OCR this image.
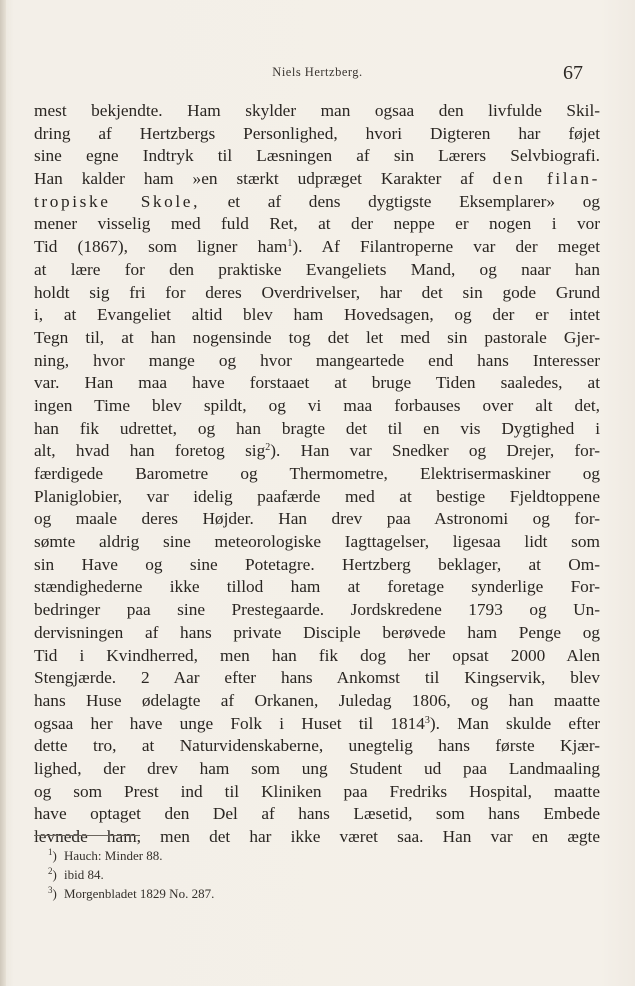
Niels Hertzberg.	67
mest bekjendte. Ham skylder man ogsaa den livfulde Skil-
dring af Hertzbergs Personlighed, hvori Digteren har føjet
sine egne Indtryk til Læsningen af sin Lærers Selvbiografi.
Han kalder ham »en stærkt udpræget Karakter af den filan-
tropiske Skole, et af dens dygtigste Eksemplarer» og
mener visselig med fuld Ret, at der neppe er nogen i vor
Tid (1867), som ligner ham$^1$). Af Filantroperne var der meget
at lære for den praktiske Evangeliets Mand, og naar han
holdt sig fri for deres Overdrivelser, har det sin gode Grund
i, at Evangeliet altid blev ham Hovedsagen, og der er intet
Tegn til, at han nogensinde tog det let med sin pastorale Gjer-
ning, hvor mange og hvor mangeartede end hans Interesser
var. Han maa have forstaaet at bruge Tiden saaledes, at
ingen Time blev spildt, og vi maa forbauses over alt det,
han fik udrettet, og han bragte det til en vis Dygtighed i
alt, hvad han foretog sig$^2$). Han var Snedker og Drejer, for-
færdigede Barometre og Thermometre, Elektrisermaskiner og
Planiglobier, var idelig paafærde med at bestige Fjeldtoppene
og maale deres Højder. Han drev paa Astronomi og for-
sømte aldrig sine meteorologiske Iagttagelser, ligesaa lidt som
sin Have og sine Potetagre. Hertzberg beklager, at Om-
stændighederne ikke tillod ham at foretage synderlige For-
bedringer paa sine Prestegaarde. Jordskredene 1793 og Un-
dervisningen af hans private Disciple berøvede ham Penge og
Tid i Kvindherred, men han fik dog her opsat 2000 Alen
Stengjærde. 2 Aar efter hans Ankomst til Kingservik, blev
hans Huse ødelagte af Orkanen, Juledag 1806, og han maatte
ogsaa her have unge Folk i Huset til 1814$^3$). Man skulde efter
dette tro, at Naturvidenskaberne, unegtelig hans første Kjær-
lighed, der drev ham som ung Student ud paa Landmaaling
og som Prest ind til Kliniken paa Fredriks Hospital, maatte
have optaget den Del af hans Læsetid, som hans Embede
levnede ham, men det har ikke været saa. Han var en ægte
$^1$) Hauch: Minder 88.
$^2$) ibid 84.
$^3$) Morgenbladet 1829 No. 287.
